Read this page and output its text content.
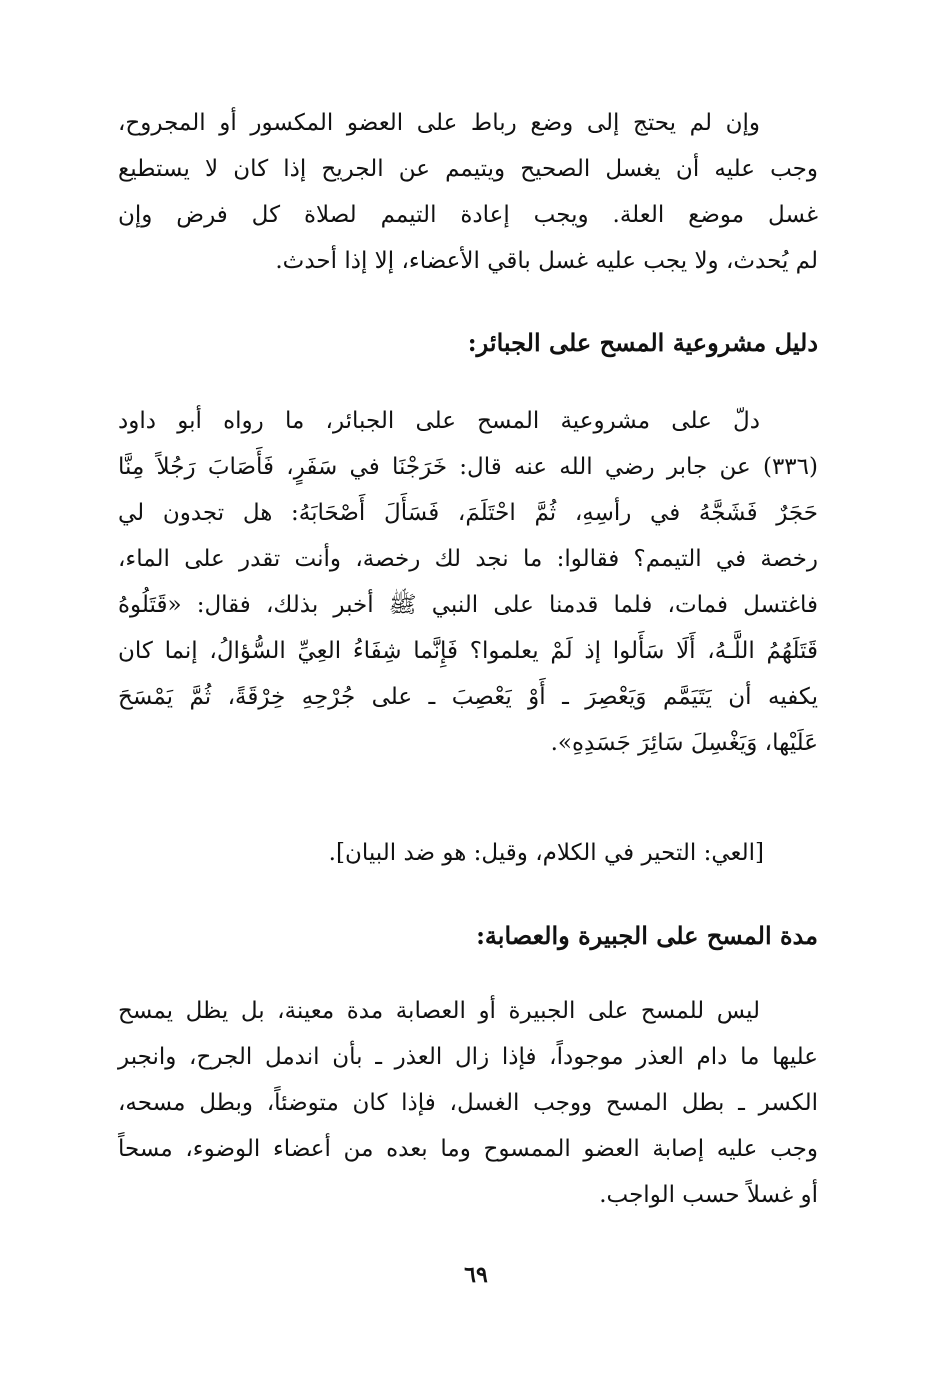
وإن لم يحتج إلى وضع رباط على العضو المكسور أو المجروح،
وجب عليه أن يغسل الصحيح ويتيمم عن الجريح إذا كان لا يستطيع
غسل موضع العلة. ويجب إعادة التيمم لصلاة كل فرض وإن
لم يُحدث، ولا يجب عليه غسل باقي الأعضاء، إلا إذا أحدث.
دليل مشروعية المسح على الجبائر:
دلّ على مشروعية المسح على الجبائر، ما رواه أبو داود
(٣٣٦) عن جابر رضي الله عنه قال: خَرَجْنَا في سَفَرٍ، فَأَصَابَ رَجُلاً مِنَّا
حَجَرٌ فَشَجَّهُ في رأسِهِ، ثُمَّ احْتَلَمَ، فَسَأَلَ أَصْحَابَهُ: هل تجدون لي
رخصة في التيمم؟ فقالوا: ما نجد لك رخصة، وأنت تقدر على الماء،
فاغتسل فمات، فلما قدمنا على النبي ﷺ أخبر بذلك، فقال: «قَتَلُوهُ
قَتَلَهُمُ اللَّـهُ، أَلَا سَأَلوا إذ لَمْ يعلموا؟ فَإِنَّما شِفَاءُ العِيِّ السُّؤالُ، إنما كان
يكفيه أن يَتَيَمَّم وَيَعْصِرَ ـ أَوْ يَعْصِبَ ـ على جُرْحِهِ خِرْقَةً، ثُمَّ يَمْسَحَ
عَلَيْها، وَيَغْسِلَ سَائِرَ جَسَدِهِ».
[العي: التحير في الكلام، وقيل: هو ضد البيان].
مدة المسح على الجبيرة والعصابة:
ليس للمسح على الجبيرة أو العصابة مدة معينة، بل يظل يمسح
عليها ما دام العذر موجوداً، فإذا زال العذر ـ بأن اندمل الجرح، وانجبر
الكسر ـ بطل المسح ووجب الغسل، فإذا كان متوضئاً، وبطل مسحه،
وجب عليه إصابة العضو الممسوح وما بعده من أعضاء الوضوء، مسحاً
أو غسلاً حسب الواجب.
٦٩
